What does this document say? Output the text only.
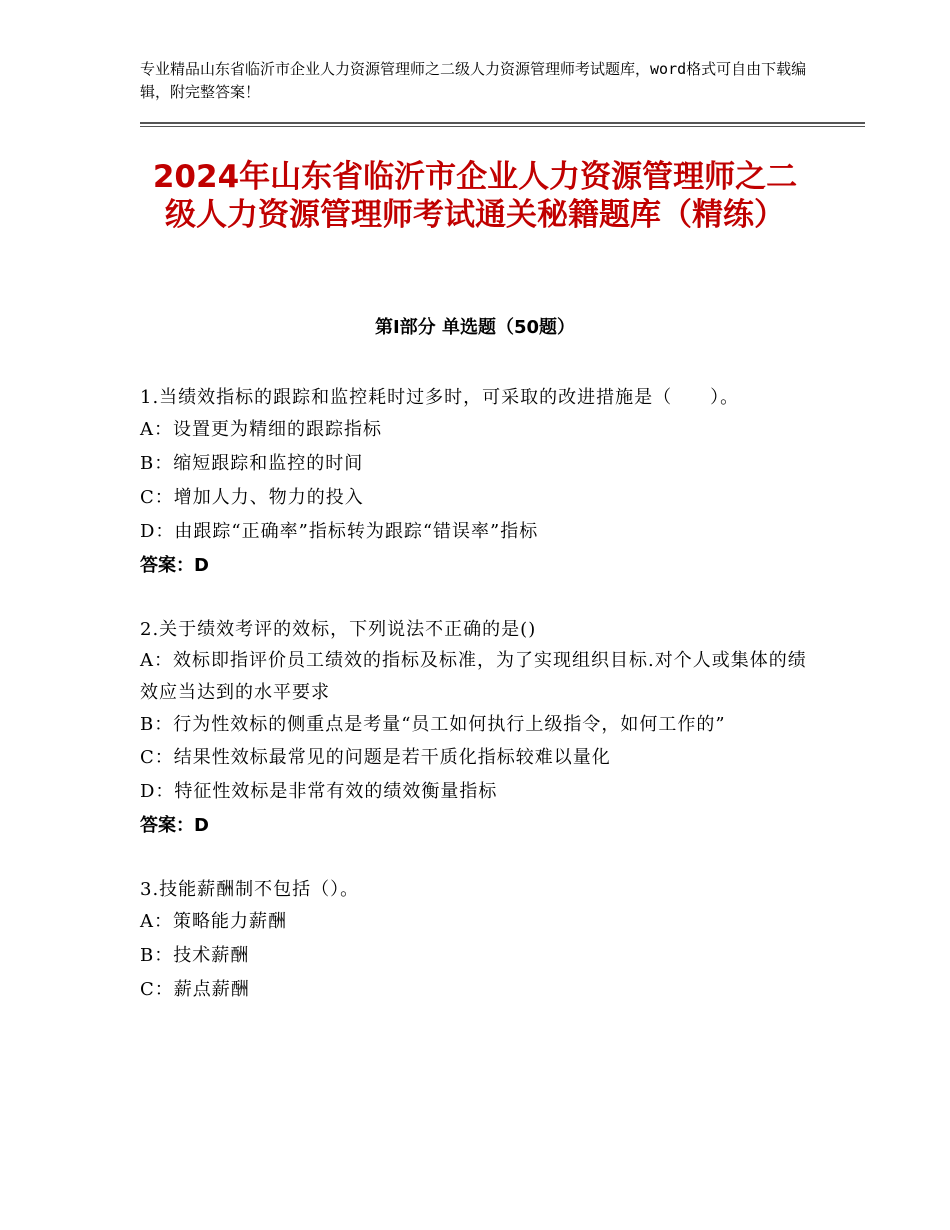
专业精品山东省临沂市企业人力资源管理师之二级人力资源管理师考试题库，word格式可自由下载编辑，附完整答案！
2024年山东省临沂市企业人力资源管理师之二级人力资源管理师考试通关秘籍题库（精练）
第Ⅰ部分 单选题（50题）
1.当绩效指标的跟踪和监控耗时过多时，可采取的改进措施是（　　）。
A：设置更为精细的跟踪指标
B：缩短跟踪和监控的时间
C：增加人力、物力的投入
D：由跟踪“正确率”指标转为跟踪“错误率”指标
答案：D
2.关于绩效考评的效标，下列说法不正确的是()
A：效标即指评价员工绩效的指标及标准，为了实现组织目标.对个人或集体的绩效应当达到的水平要求
B：行为性效标的侧重点是考量“员工如何执行上级指令，如何工作的”
C：结果性效标最常见的问题是若干质化指标较难以量化
D：特征性效标是非常有效的绩效衡量指标
答案：D
3.技能薪酬制不包括（）。
A：策略能力薪酬
B：技术薪酬
C：薪点薪酬
